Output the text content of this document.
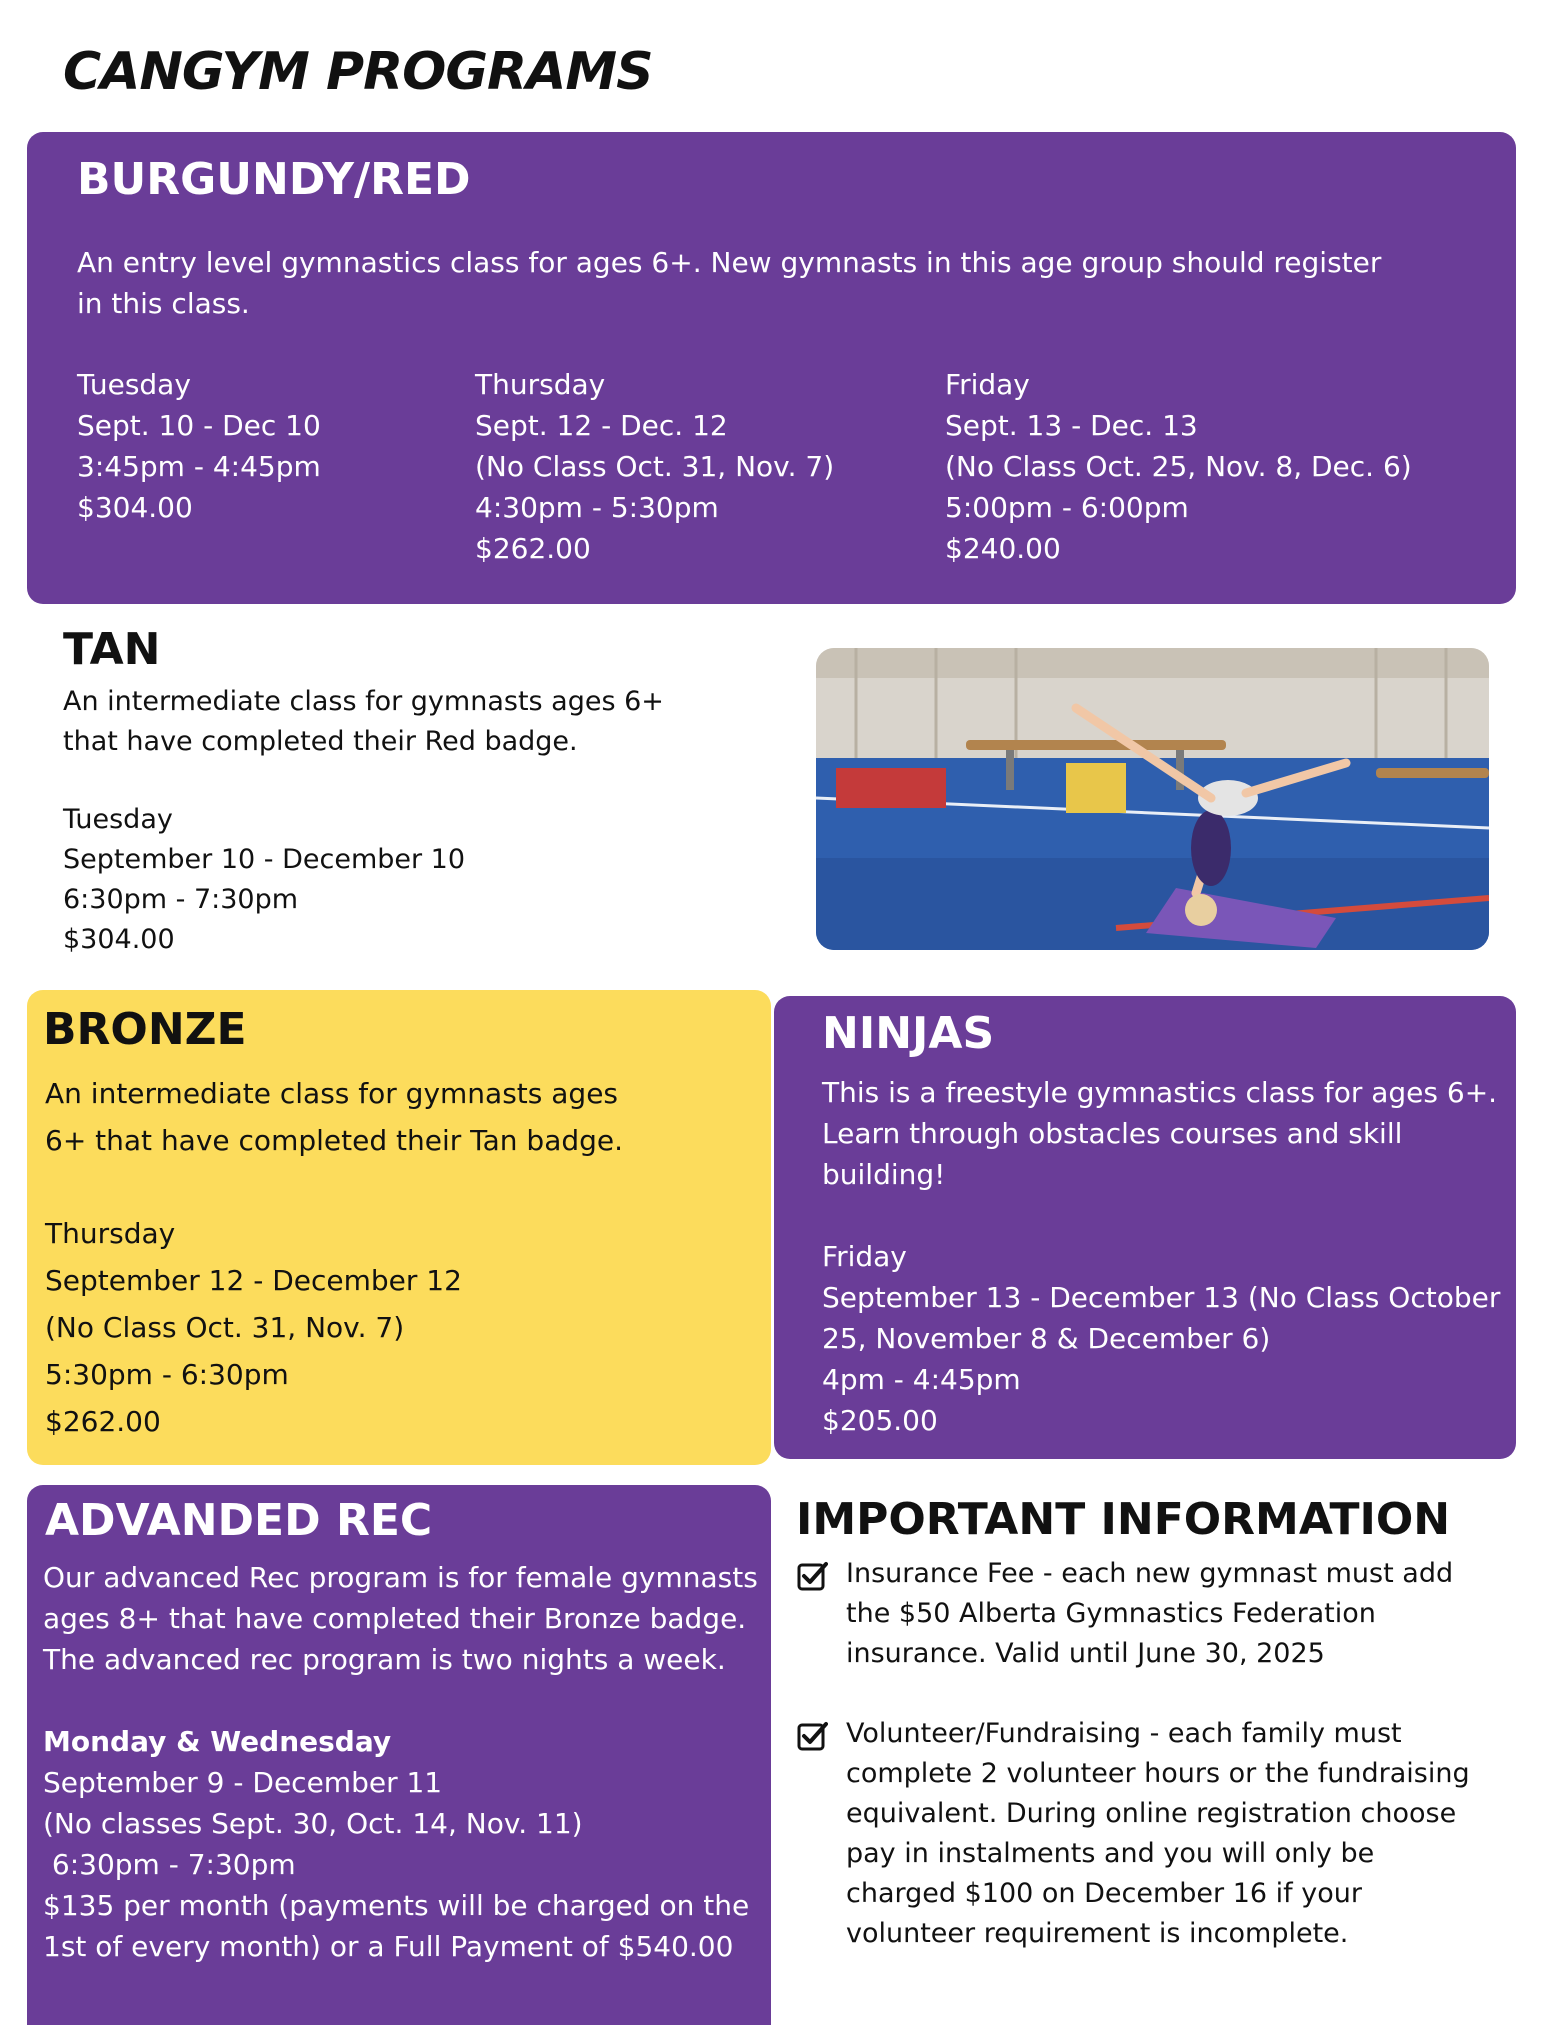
CANGYM PROGRAMS
BURGUNDY/RED
An entry level gymnastics class for ages 6+. New gymnasts in this age group should register
in this class.
Tuesday
Sept. 10 - Dec 10
3:45pm - 4:45pm
$304.00
Thursday
Sept. 12 - Dec. 12
(No Class Oct. 31, Nov. 7)
4:30pm - 5:30pm
$262.00
Friday
Sept. 13 - Dec. 13
(No Class Oct. 25, Nov. 8, Dec. 6)
5:00pm - 6:00pm
$240.00
TAN
An intermediate class for gymnasts ages 6+
that have completed their Red badge.
Tuesday
September 10 - December 10
6:30pm - 7:30pm
$304.00
BRONZE
An intermediate class for gymnasts ages
6+ that have completed their Tan badge.
Thursday
September 12 - December 12
(No Class Oct. 31, Nov. 7)
5:30pm - 6:30pm
$262.00
NINJAS
This is a freestyle gymnastics class for ages 6+.
Learn through obstacles courses and skill
building!
Friday
September 13 - December 13 (No Class October
25, November 8 & December 6)
4pm - 4:45pm
$205.00
ADVANDED REC
Our advanced Rec program is for female gymnasts
ages 8+ that have completed their Bronze badge.
The advanced rec program is two nights a week.
Monday & Wednesday
September 9 - December 11
(No classes Sept. 30, Oct. 14, Nov. 11)
6:30pm - 7:30pm
$135 per month (payments will be charged on the
1st of every month) or a Full Payment of $540.00
IMPORTANT INFORMATION
Insurance Fee - each new gymnast must add
the $50 Alberta Gymnastics Federation
insurance. Valid until June 30, 2025
Volunteer/Fundraising - each family must
complete 2 volunteer hours or the fundraising
equivalent. During online registration choose
pay in instalments and you will only be
charged $100 on December 16 if your
volunteer requirement is incomplete.
